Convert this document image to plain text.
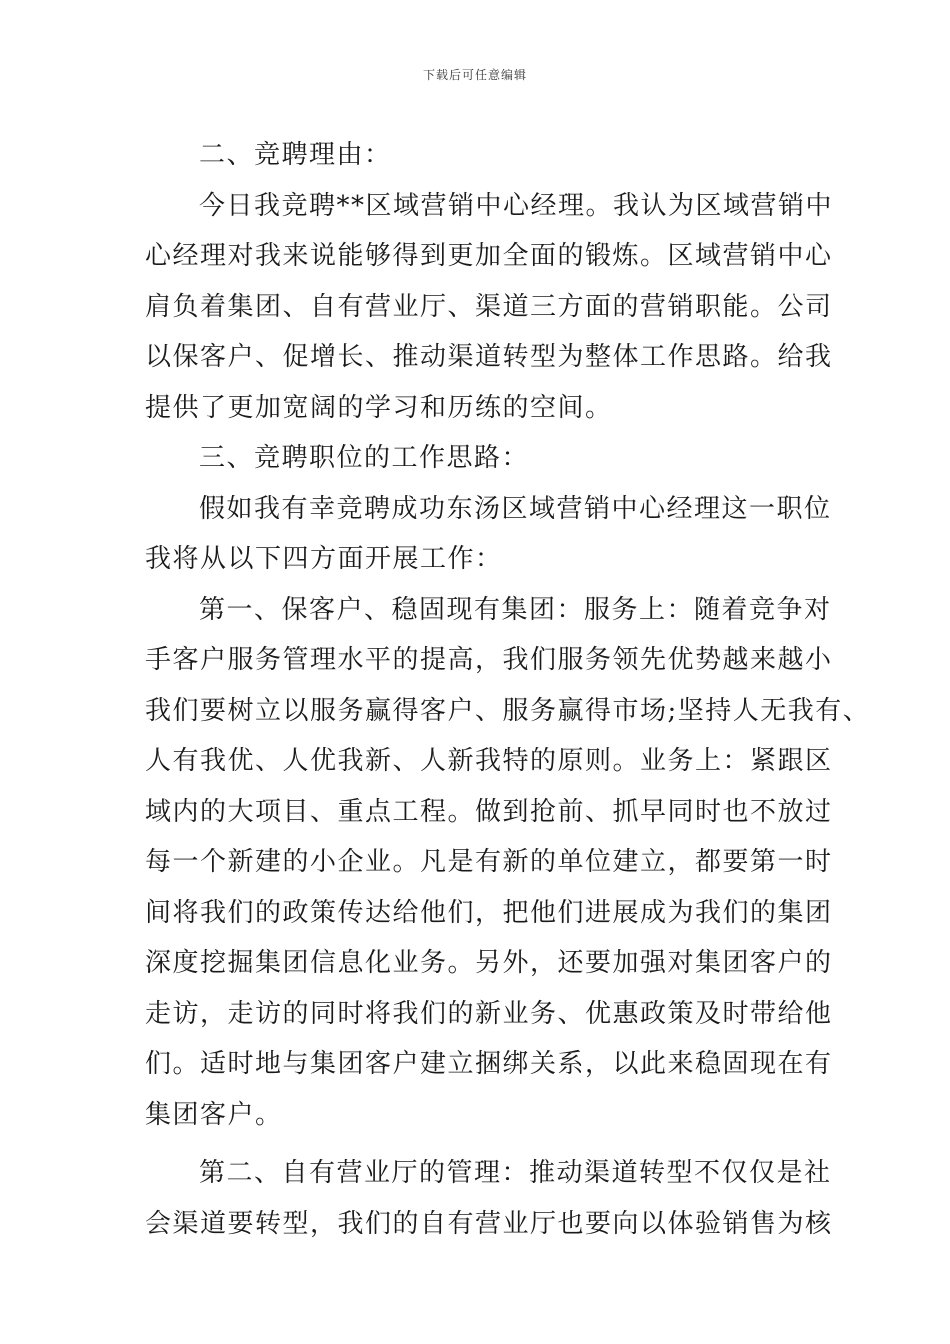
下载后可任意编辑
二、竞聘理由：
今日我竞聘**区域营销中心经理。我认为区域营销中
心经理对我来说能够得到更加全面的锻炼。区域营销中心
肩负着集团、自有营业厅、渠道三方面的营销职能。公司
以保客户、促增长、推动渠道转型为整体工作思路。给我
提供了更加宽阔的学习和历练的空间。
三、竞聘职位的工作思路：
假如我有幸竞聘成功东汤区域营销中心经理这一职位
我将从以下四方面开展工作：
第一、保客户、稳固现有集团：服务上：随着竞争对
手客户服务管理水平的提高，我们服务领先优势越来越小
我们要树立以服务赢得客户、服务赢得市场;坚持人无我有、
人有我优、人优我新、人新我特的原则。业务上：紧跟区
域内的大项目、重点工程。做到抢前、抓早同时也不放过
每一个新建的小企业。凡是有新的单位建立，都要第一时
间将我们的政策传达给他们，把他们进展成为我们的集团
深度挖掘集团信息化业务。另外，还要加强对集团客户的
走访，走访的同时将我们的新业务、优惠政策及时带给他
们。适时地与集团客户建立捆绑关系，以此来稳固现在有
集团客户。
第二、自有营业厅的管理：推动渠道转型不仅仅是社
会渠道要转型，我们的自有营业厅也要向以体验销售为核
